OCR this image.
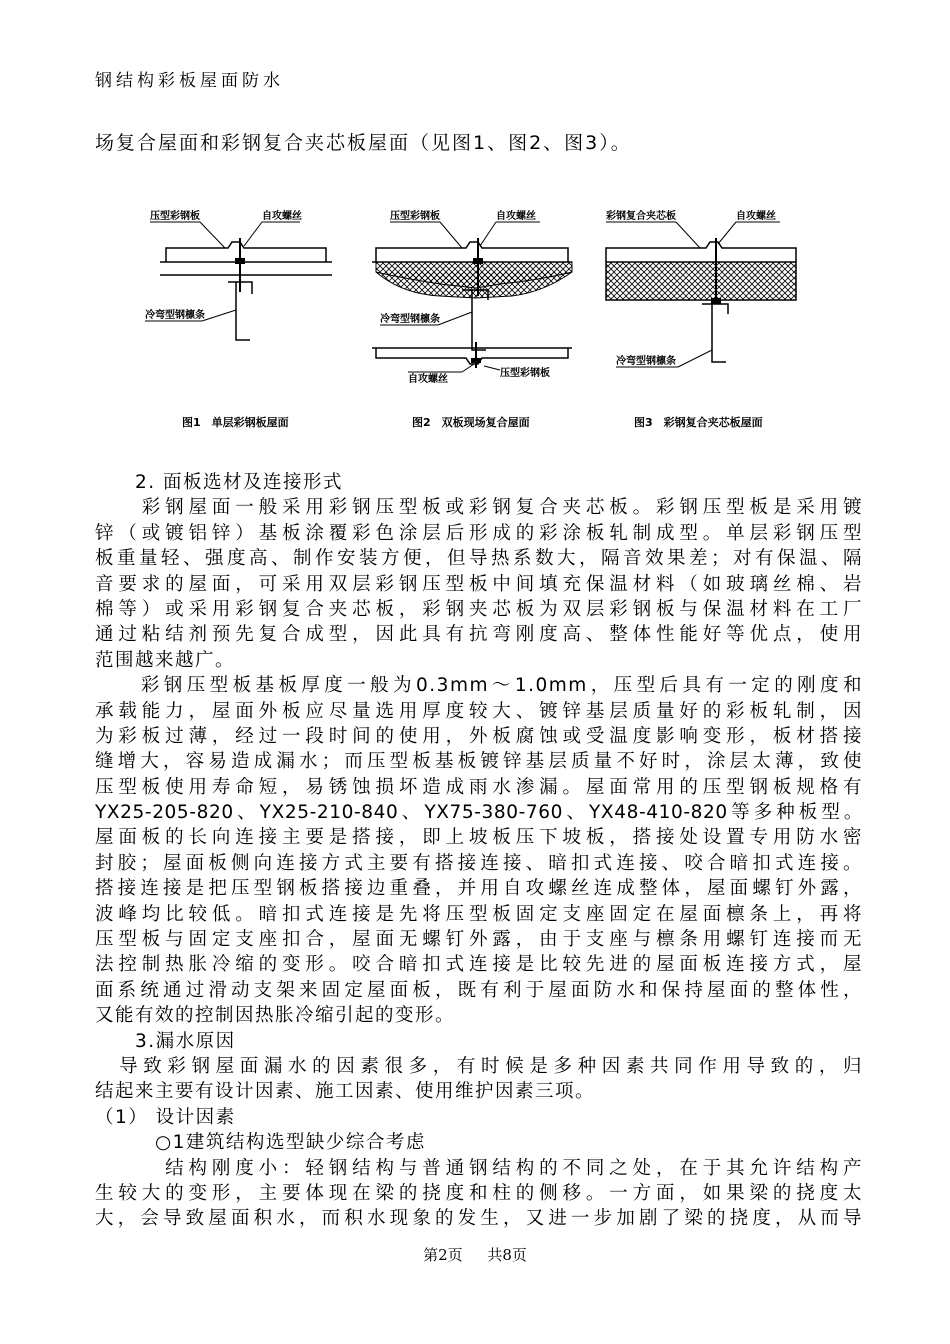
钢结构彩板屋面防水
场复合屋面和彩钢复合夹芯板屋面（见图1、图2、图3）。
压型彩钢板	自攻螺丝
冷弯型钢檩条
图1　单层彩钢板屋面
压型彩钢板	自攻螺丝
冷弯型钢檩条
自攻螺丝
压型彩钢板
图2　双板现场复合屋面
彩钢复合夹芯板	自攻螺丝
冷弯型钢檩条
图3　彩钢复合夹芯板屋面
　　2. 面板选材及连接形式
　　彩钢屋面一般采用彩钢压型板或彩钢复合夹芯板。彩钢压型板是采用镀
锌（或镀铝锌）基板涂覆彩色涂层后形成的彩涂板轧制成型。单层彩钢压型
板重量轻、强度高、制作安装方便，但导热系数大，隔音效果差；对有保温、隔
音要求的屋面，可采用双层彩钢压型板中间填充保温材料（如玻璃丝棉、岩
棉等）或采用彩钢复合夹芯板，彩钢夹芯板为双层彩钢板与保温材料在工厂
通过粘结剂预先复合成型，因此具有抗弯刚度高、整体性能好等优点，使用
范围越来越广。
　　彩钢压型板基板厚度一般为0.3mm～1.0mm，压型后具有一定的刚度和
承载能力，屋面外板应尽量选用厚度较大、镀锌基层质量好的彩板轧制，因
为彩板过薄，经过一段时间的使用，外板腐蚀或受温度影响变形，板材搭接
缝增大，容易造成漏水；而压型板基板镀锌基层质量不好时，涂层太薄，致使
压型板使用寿命短，易锈蚀损坏造成雨水渗漏。屋面常用的压型钢板规格有
YX25-205-820、YX25-210-840、YX75-380-760、YX48-410-820等多种板型。
屋面板的长向连接主要是搭接，即上坡板压下坡板，搭接处设置专用防水密
封胶；屋面板侧向连接方式主要有搭接连接、暗扣式连接、咬合暗扣式连接。
搭接连接是把压型钢板搭接边重叠，并用自攻螺丝连成整体，屋面螺钉外露，
波峰均比较低。暗扣式连接是先将压型板固定支座固定在屋面檩条上，再将
压型板与固定支座扣合，屋面无螺钉外露，由于支座与檩条用螺钉连接而无
法控制热胀冷缩的变形。咬合暗扣式连接是比较先进的屋面板连接方式，屋
面系统通过滑动支架来固定屋面板，既有利于屋面防水和保持屋面的整体性，
又能有效的控制因热胀冷缩引起的变形。
　　3.漏水原因
　导致彩钢屋面漏水的因素很多，有时候是多种因素共同作用导致的，归
结起来主要有设计因素、施工因素、使用维护因素三项。
（1） 设计因素
　　　○1建筑结构选型缺少综合考虑
　　　结构刚度小：轻钢结构与普通钢结构的不同之处，在于其允许结构产
生较大的变形，主要体现在梁的挠度和柱的侧移。一方面，如果梁的挠度太
大，会导致屋面积水，而积水现象的发生，又进一步加剧了梁的挠度，从而导
第2页 共8页
